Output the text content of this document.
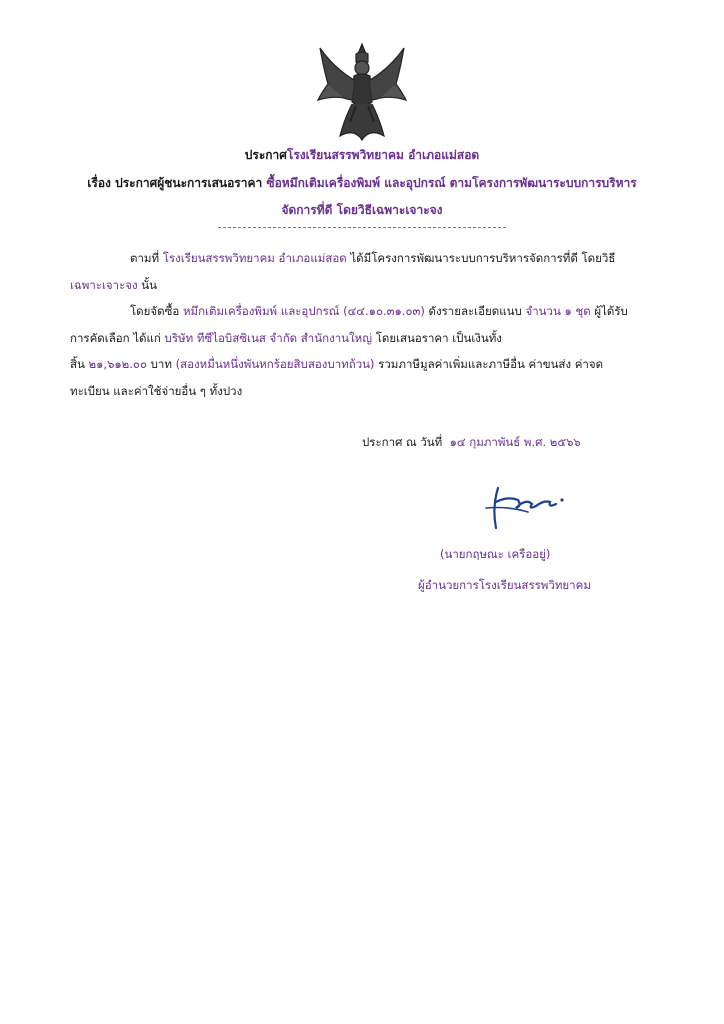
ประกาศโรงเรียนสรรพวิทยาคม อำเภอแม่สอด
เรื่อง ประกาศผู้ชนะการเสนอราคา ซื้อหมึกเติมเครื่องพิมพ์ และอุปกรณ์ ตามโครงการพัฒนาระบบการบริหาร
จัดการที่ดี โดยวิธีเฉพาะเจาะจง
ตามที่ โรงเรียนสรรพวิทยาคม อำเภอแม่สอด ได้มีโครงการพัฒนาระบบการบริหารจัดการที่ดี โดยวิธี
เฉพาะเจาะจง นั้น
โดยจัดซื้อ หมึกเติมเครื่องพิมพ์ และอุปกรณ์ (๔๔.๑๐.๓๑.๐๓) ดังรายละเอียดแนบ จำนวน ๑ ชุด ผู้ได้รับ
การคัดเลือก ได้แก่ บริษัท ทีซีไอบิสซิเนส จำกัด สำนักงานใหญ่ โดยเสนอราคา เป็นเงินทั้ง
สิ้น ๒๑,๖๑๒.๐๐ บาท (สองหมื่นหนึ่งพันหกร้อยสิบสองบาทถ้วน) รวมภาษีมูลค่าเพิ่มและภาษีอื่น ค่าขนส่ง ค่าจด
ทะเบียน และค่าใช้จ่ายอื่น ๆ ทั้งปวง
ประกาศ ณ วันที่ ๑๔ กุมภาพันธ์ พ.ศ. ๒๕๖๖
(นายกฤษณะ เครืออยู่)
ผู้อำนวยการโรงเรียนสรรพวิทยาคม
